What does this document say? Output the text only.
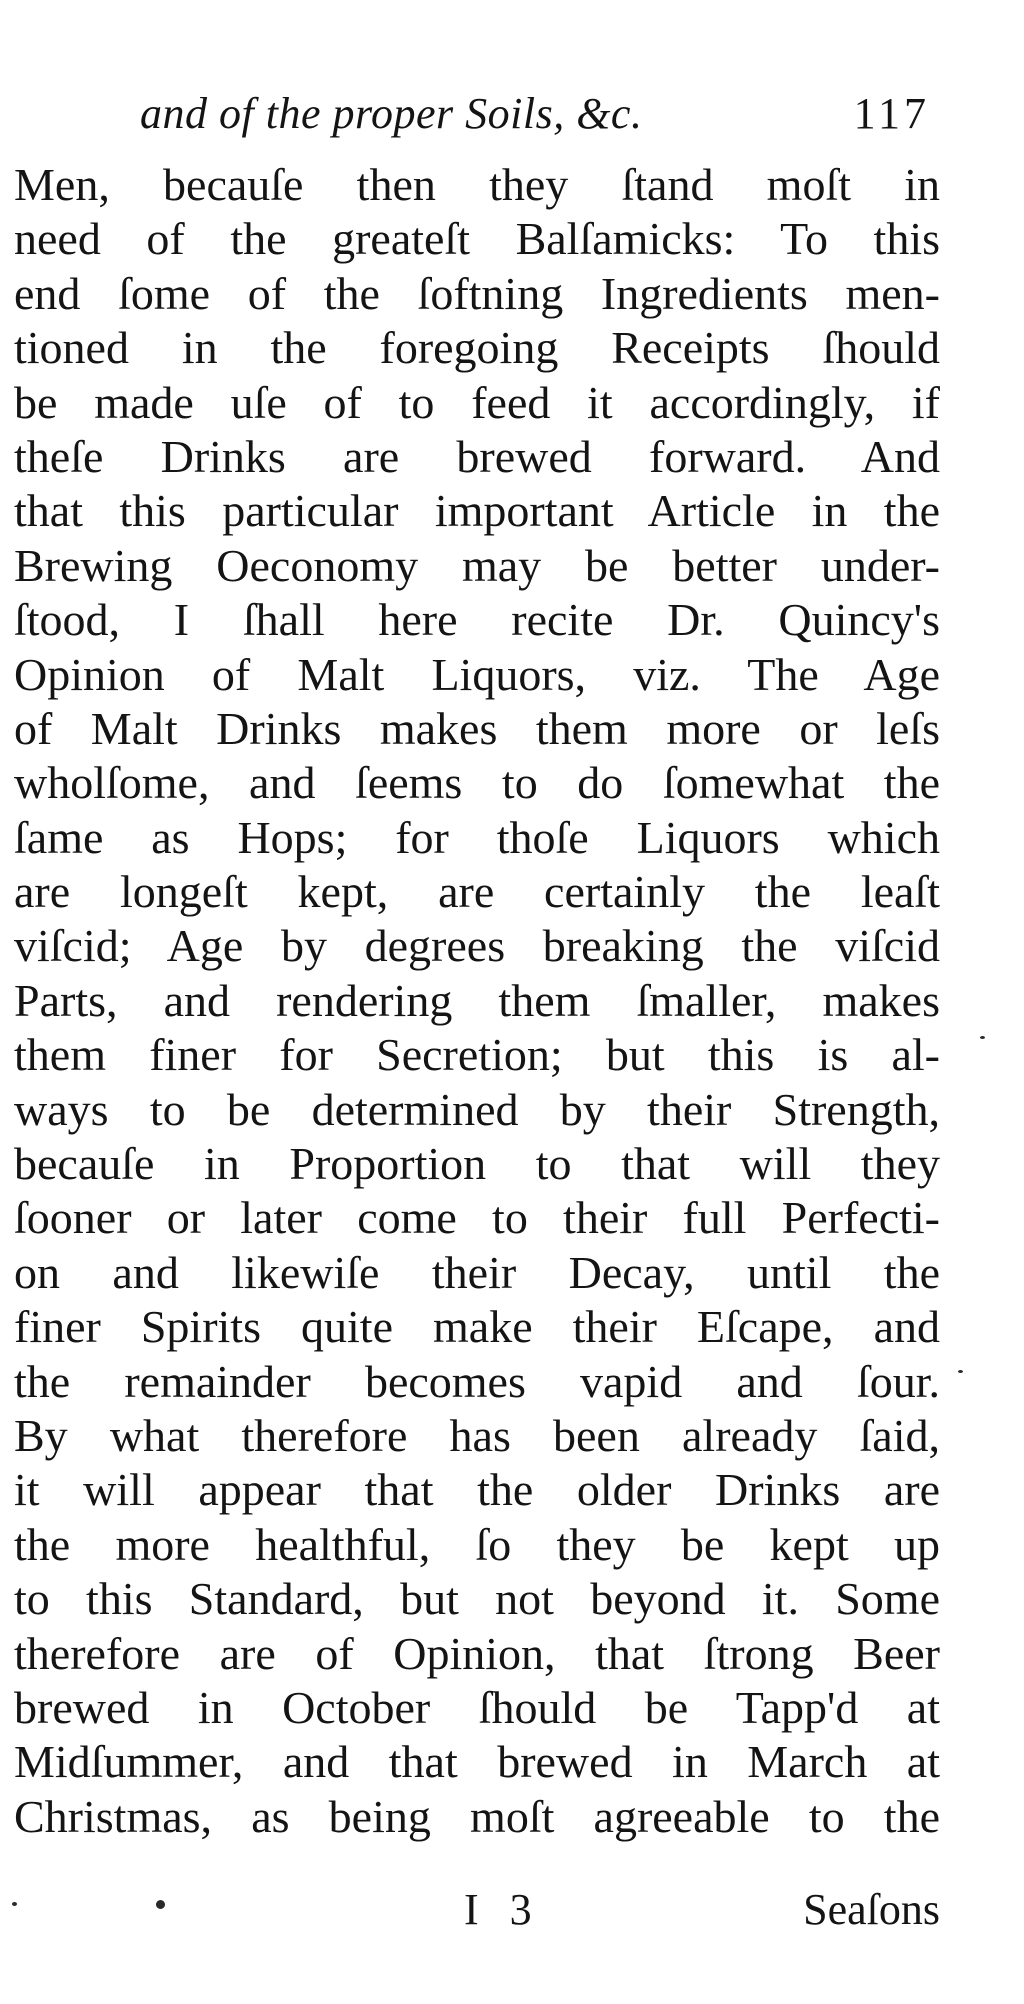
and of the proper Soils, &c.	117
Men, becauſe then they ſtand moſt in
need of the greateſt Balſamicks: To this
end ſome of the ſoftning Ingredients men-
tioned in the foregoing Receipts ſhould
be made uſe of to feed it accordingly, if
theſe Drinks are brewed forward. And
that this particular important Article in the
Brewing Oeconomy may be better under-
ſtood, I ſhall here recite Dr. Quincy's
Opinion of Malt Liquors, viz. The Age
of Malt Drinks makes them more or leſs
wholſome, and ſeems to do ſomewhat the
ſame as Hops; for thoſe Liquors which
are longeſt kept, are certainly the leaſt
viſcid; Age by degrees breaking the viſcid
Parts, and rendering them ſmaller, makes
them finer for Secretion; but this is al-
ways to be determined by their Strength,
becauſe in Proportion to that will they
ſooner or later come to their full Perfecti-
on and likewiſe their Decay, until the
finer Spirits quite make their Eſcape, and
the remainder becomes vapid and ſour.
By what therefore has been already ſaid,
it will appear that the older Drinks are
the more healthful, ſo they be kept up
to this Standard, but not beyond it. Some
therefore are of Opinion, that ſtrong Beer
brewed in October ſhould be Tapp'd at
Midſummer, and that brewed in March at
Christmas, as being moſt agreeable to the
I 3	Seaſons
